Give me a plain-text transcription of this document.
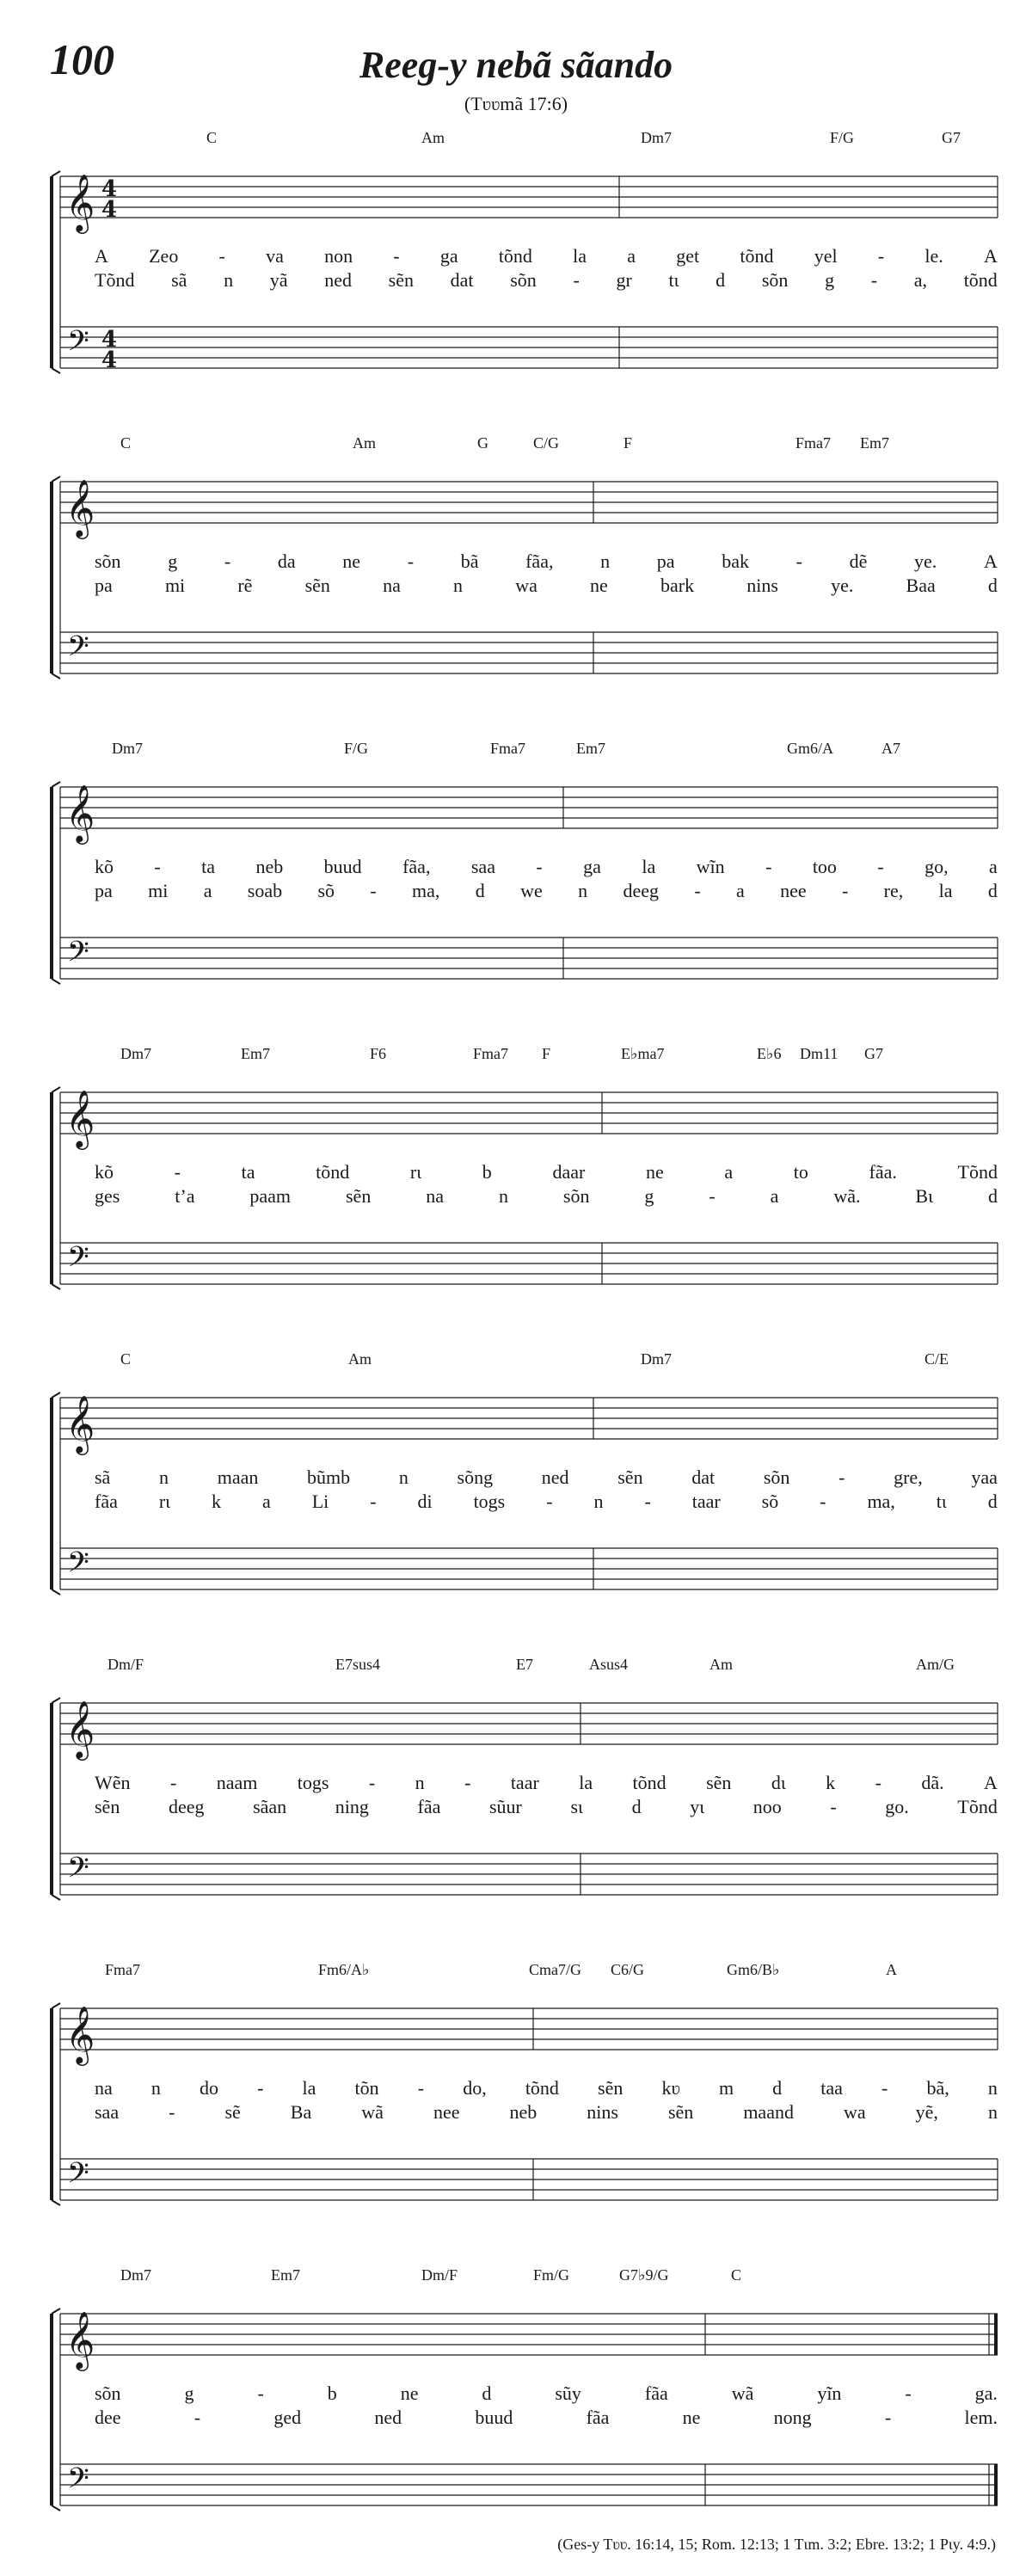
100	Reeg-y nebã sãando
(Tʋʋmã 17:6)
𝄞
𝄢
4
4
4
4
C	Am	Dm7	F/G	G7
A Zeo - va non - ga tõnd la a get tõnd yel - le. A
Tõnd sã n yã ned sẽn dat sõn - gr tɩ d sõn g - a, tõnd
𝄞
𝄢
C	Am	G	C/G	F	Fma7 Em7
sõn g - da ne - bã fãa, n pa bak - dẽ ye. A
pa	mi	rẽ	sẽn	na	n	wa	ne	bark	nins	ye.	Baa	d
𝄞
𝄢
Dm7	F/G	Fma7	Em7	Gm6/A	A7
kõ - ta neb buud fãa, saa - ga la wĩn - too - go, a
pa mi a soab sõ - ma, d we n deeg - a nee - re, la d
𝄞
𝄢
Dm7	Em7	F6	Fma7 F	E♭ma7	E♭6 Dm11 G7
kõ	-	ta	tõnd	rɩ	b	daar	ne	a	to	fãa.	Tõnd
ges	t’a	paam	sẽn	na	n	sõn	g	-	a	wã.	Bɩ	d
𝄞
𝄢
C	Am	Dm7	C/E
sã	n	maan	bũmb	n	sõng	ned	sẽn	dat	sõn	-	gre,	yaa
fãa rɩ k a Li - di togs - n - taar sõ - ma, tɩ d
𝄞
𝄢
Dm/F	E7sus4	E7	Asus4	Am	Am/G
Wẽn - naam togs - n - taar la tõnd sẽn dɩ k - dã. A
sẽn	deeg	sãan	ning	fãa	sũur	sɩ	d	yɩ	noo	-	go.	Tõnd
𝄞
𝄢
Fma7	Fm6/A♭	Cma7/G C6/G	Gm6/B♭	A
na n do - la tõn - do, tõnd sẽn kʋ m d taa - bã, n
saa	-	sẽ	Ba	wã	nee	neb	nins	sẽn	maand	wa	yẽ,	n
𝄞
𝄢
Dm7	Em7	Dm/F	Fm/G	G7♭9/G	C
sõn	g	-	b	ne	d	sũy	fãa	wã	yĩn	-	ga.
dee	-	ged	ned	buud	fãa	ne	nong	-	lem.
(Ges-y Tʋʋ. 16:14, 15; Rom. 12:13; 1 Tɩm. 3:2; Ebre. 13:2; 1 Pɩy. 4:9.)
